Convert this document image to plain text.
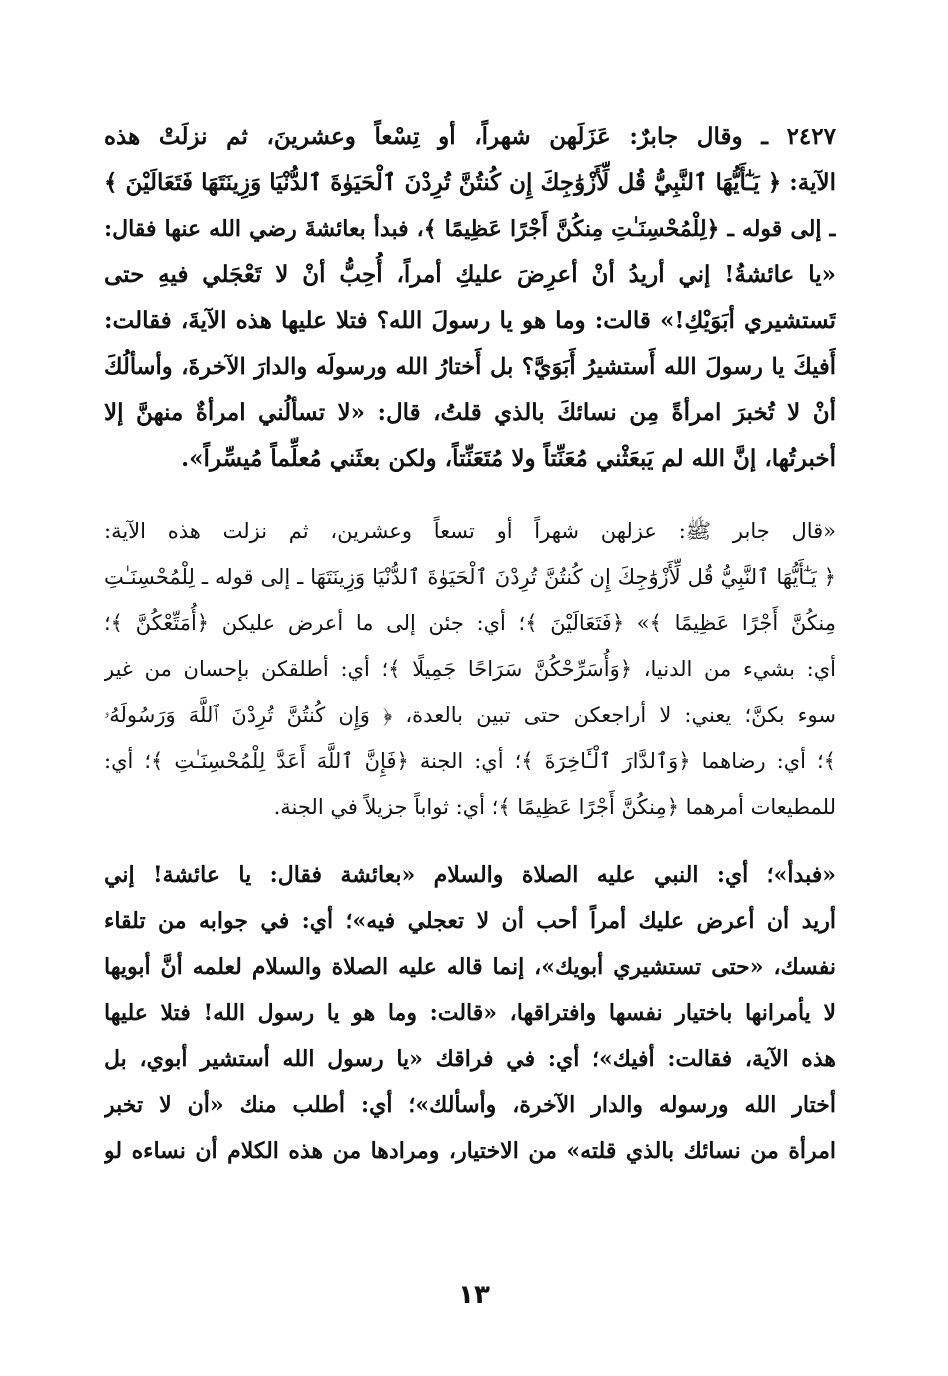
٢٤٢٧ ـ وقال جابرٌ: عَزَلَهن شهراً، أو تِسْعاً وعشرينَ، ثم نزلَتْ هذه
الآية: ﴿ يَـٰٓأَيُّهَا ٱلنَّبِيُّ قُل لِّأَزْوَٰجِكَ إِن كُنتُنَّ تُرِدْنَ ٱلْحَيَوٰةَ ٱلدُّنْيَا وَزِينَتَهَا فَتَعَالَيْنَ ﴾
ـ إلى قوله ـ ﴿لِلْمُحْسِنَـٰتِ مِنكُنَّ أَجْرًا عَظِيمًا ﴾، فبدأ بعائشةَ رضي الله عنها فقال:
«يا عائشةُ! إني أريدُ أنْ أعرِضَ عليكِ أمراً، أُحِبُّ أنْ لا تَعْجَلي فيهِ حتى
تَستشيري أبَوَيْكِ!» قالت: وما هو يا رسولَ الله؟ فتلا عليها هذه الآيةَ، فقالت:
أَفيكَ يا رسولَ الله أَستشيرُ أَبَوَيَّ؟ بل أَختارُ الله ورسولَه والدارَ الآخرةَ، وأسألُكَ
أنْ لا تُخبرَ امرأةً مِن نسائكَ بالذي قلتُ، قال: «لا تسألُني امرأةٌ منهنَّ إلا
أخبرتُها، إنَّ الله لم يَبعَثْني مُعَنِّتاً ولا مُتَعَنِّتاً، ولكن بعثَني مُعلِّماً مُيسِّراً».
«قال جابر ﷺ: عزلهن شهراً أو تسعاً وعشرين، ثم نزلت هذه الآية:
﴿ يَـٰٓأَيُّهَا ٱلنَّبِيُّ قُل لِّأَزْوَٰجِكَ إِن كُنتُنَّ تُرِدْنَ ٱلْحَيَوٰةَ ٱلدُّنْيَا وَزِينَتَهَا ـ إلى قوله ـ لِلْمُحْسِنَـٰتِ
مِنكُنَّ أَجْرًا عَظِيمًا ﴾» ﴿فَتَعَالَيْنَ ﴾؛ أي: جئن إلى ما أعرض عليكن ﴿أُمَتِّعْكُنَّ ﴾؛
أي: بشيء من الدنيا، ﴿وَأُسَرِّحْكُنَّ سَرَاحًا جَمِيلًا ﴾؛ أي: أطلقكن بإحسان من غير
سوء بكنَّ؛ يعني: لا أراجعكن حتى تبين بالعدة، ﴿ وَإِن كُنتُنَّ تُرِدْنَ ٱللَّهَ وَرَسُولَهُۥ
﴾؛ أي: رضاهما ﴿وَٱلدَّارَ ٱلْـَٔاخِرَةَ ﴾؛ أي: الجنة ﴿فَإِنَّ ٱللَّهَ أَعَدَّ لِلْمُحْسِنَـٰتِ ﴾؛ أي:
للمطيعات أمرهما ﴿مِنكُنَّ أَجْرًا عَظِيمًا ﴾؛ أي: ثواباً جزيلاً في الجنة.
«فبدأ»؛ أي: النبي عليه الصلاة والسلام «بعائشة فقال: يا عائشة! إني
أريد أن أعرض عليك أمراً أحب أن لا تعجلي فيه»؛ أي: في جوابه من تلقاء
نفسك، «حتى تستشيري أبويك»، إنما قاله عليه الصلاة والسلام لعلمه أنَّ أبويها
لا يأمرانها باختيار نفسها وافتراقها، «قالت: وما هو يا رسول الله! فتلا عليها
هذه الآية، فقالت: أفيك»؛ أي: في فراقك «يا رسول الله أستشير أبوي، بل
أختار الله ورسوله والدار الآخرة، وأسألك»؛ أي: أطلب منك «أن لا تخبر
امرأة من نسائك بالذي قلته» من الاختيار، ومرادها من هذه الكلام أن نساءه لو
١٣
